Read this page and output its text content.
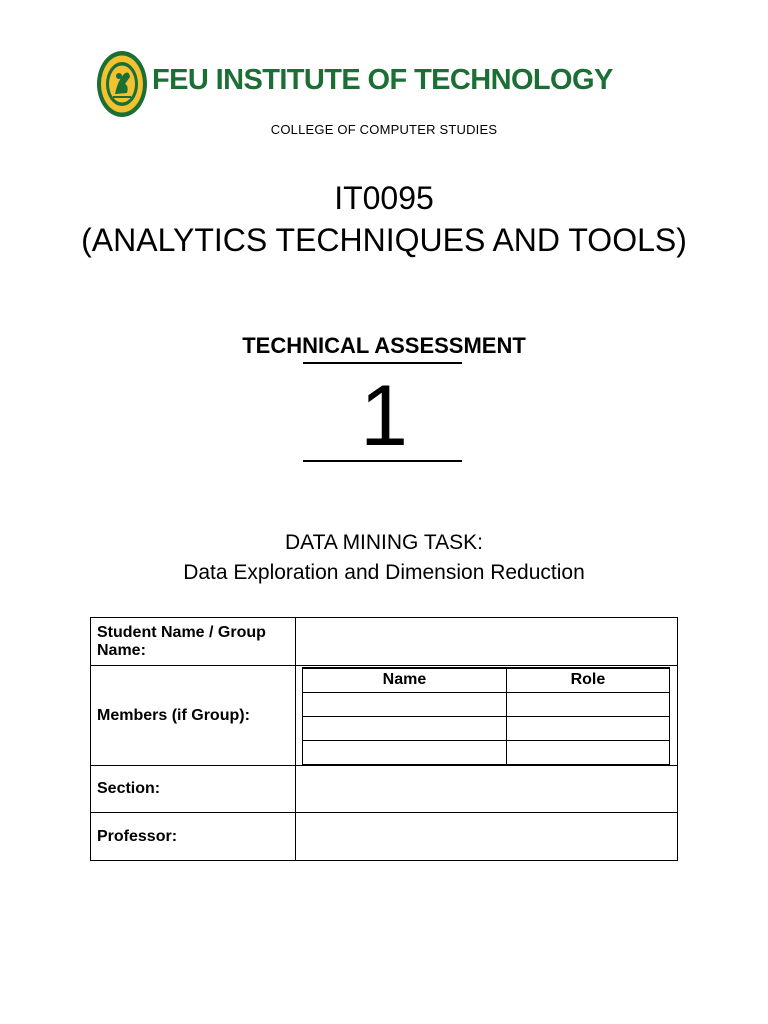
FEU INSTITUTE OF TECHNOLOGY
COLLEGE OF COMPUTER STUDIES
IT0095
(ANALYTICS TECHNIQUES AND TOOLS)
TECHNICAL ASSESSMENT
1
DATA MINING TASK:
Data Exploration and Dimension Reduction
Student Name / Group Name:	
Members (if Group):	
Name	Role

Section:	
Professor:	
